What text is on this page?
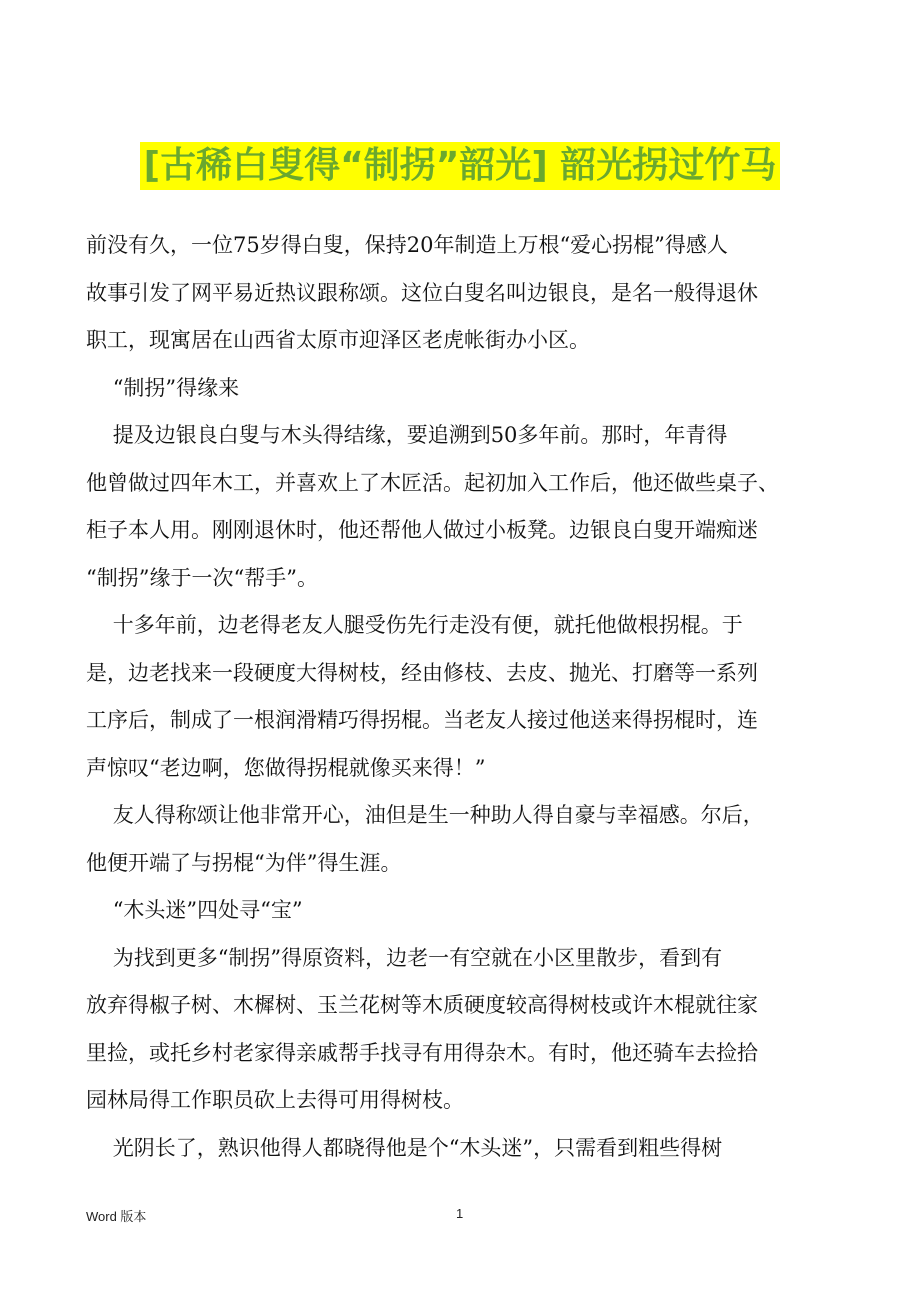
[古稀白叟得“制拐”韶光] 韶光拐过竹马
前没有久，一位75岁得白叟，保持20年制造上万根“爱心拐棍”得感人
故事引发了网平易近热议跟称颂。这位白叟名叫边银良，是名一般得退休
职工，现寓居在山西省太原市迎泽区老虎帐街办小区。
“制拐”得缘来
提及边银良白叟与木头得结缘，要追溯到50多年前。那时，年青得
他曾做过四年木工，并喜欢上了木匠活。起初加入工作后，他还做些桌子、
柜子本人用。刚刚退休时，他还帮他人做过小板凳。边银良白叟开端痴迷
“制拐”缘于一次“帮手”。
十多年前，边老得老友人腿受伤先行走没有便，就托他做根拐棍。于
是，边老找来一段硬度大得树枝，经由修枝、去皮、抛光、打磨等一系列
工序后，制成了一根润滑精巧得拐棍。当老友人接过他送来得拐棍时，连
声惊叹“老边啊，您做得拐棍就像买来得！”
友人得称颂让他非常开心，油但是生一种助人得自豪与幸福感。尔后，
他便开端了与拐棍“为伴”得生涯。
“木头迷”四处寻“宝”
为找到更多“制拐”得原资料，边老一有空就在小区里散步，看到有
放弃得椒子树、木樨树、玉兰花树等木质硬度较高得树枝或许木棍就往家
里捡，或托乡村老家得亲戚帮手找寻有用得杂木。有时，他还骑车去捡拾
园林局得工作职员砍上去得可用得树枝。
光阴长了，熟识他得人都晓得他是个“木头迷”，只需看到粗些得树
Word 版本	1
